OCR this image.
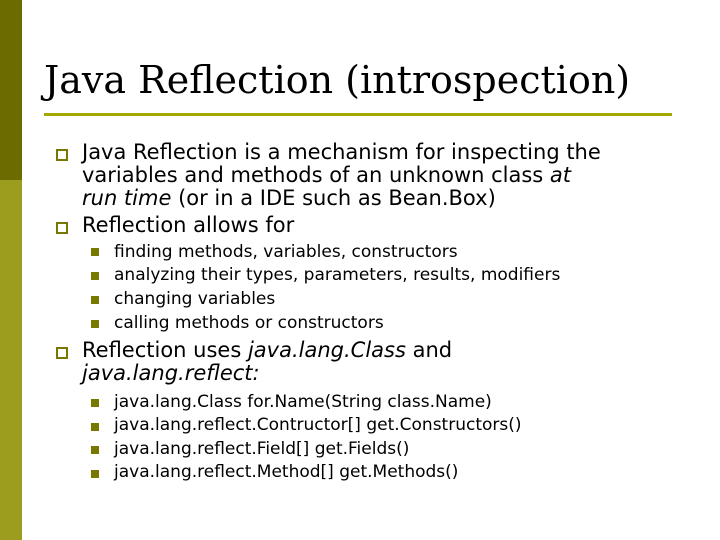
Java Reflection (introspection)
Java Reflection is a mechanism for inspecting the
variables and methods of an unknown class at
run time (or in a IDE such as Bean.Box)
Reflection allows for
finding methods, variables, constructors
analyzing their types, parameters, results, modifiers
changing variables
calling methods or constructors
Reflection uses java.lang.Class and
java.lang.reflect:
java.lang.Class for.Name(String class.Name)
java.lang.reflect.Contructor[] get.Constructors()
java.lang.reflect.Field[] get.Fields()
java.lang.reflect.Method[] get.Methods()
